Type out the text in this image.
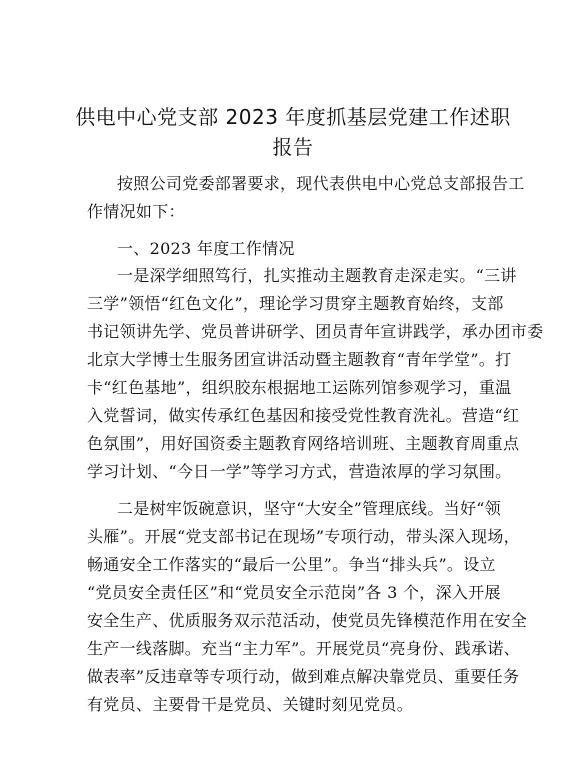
供电中心党支部 2023 年度抓基层党建工作述职
报告
按照公司党委部署要求，现代表供电中心党总支部报告工
作情况如下：
一、2023 年度工作情况
一是深学细照笃行，扎实推动主题教育走深走实。“三讲
三学”领悟“红色文化”，理论学习贯穿主题教育始终，支部
书记领讲先学、党员普讲研学、团员青年宣讲践学，承办团市委
北京大学博士生服务团宣讲活动暨主题教育“青年学堂”。打
卡“红色基地”，组织胶东根据地工运陈列馆参观学习，重温
入党誓词，做实传承红色基因和接受党性教育洗礼。营造“红
色氛围”，用好国资委主题教育网络培训班、主题教育周重点
学习计划、“今日一学”等学习方式，营造浓厚的学习氛围。
二是树牢饭碗意识，坚守“大安全”管理底线。当好“领
头雁”。开展“党支部书记在现场”专项行动，带头深入现场，
畅通安全工作落实的“最后一公里”。争当“排头兵”。设立
“党员安全责任区”和“党员安全示范岗”各 3 个，深入开展
安全生产、优质服务双示范活动，使党员先锋模范作用在安全
生产一线落脚。充当“主力军”。开展党员“亮身份、践承诺、
做表率”反违章等专项行动，做到难点解决靠党员、重要任务
有党员、主要骨干是党员、关键时刻见党员。
